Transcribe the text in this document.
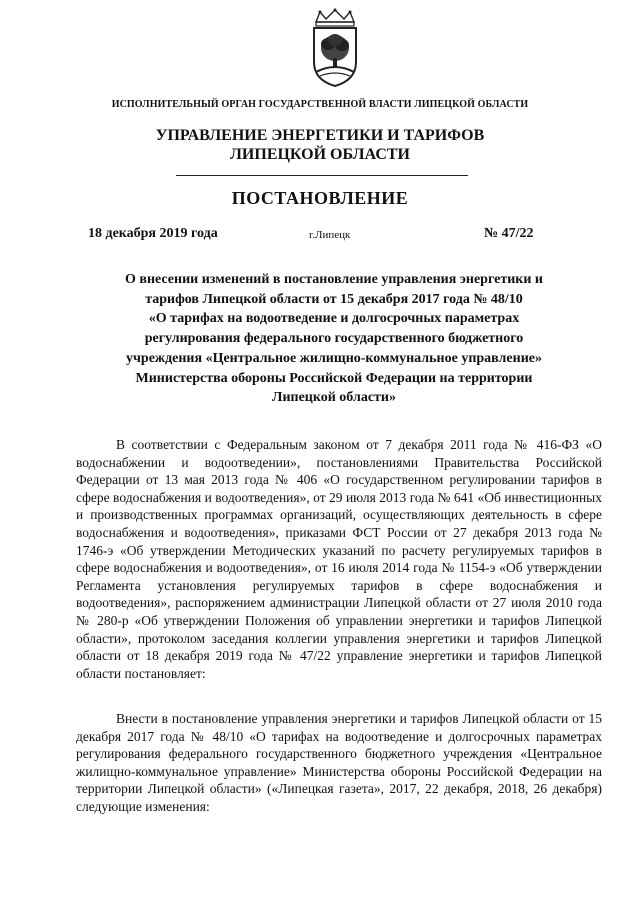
ИСПОЛНИТЕЛЬНЫЙ ОРГАН ГОСУДАРСТВЕННОЙ ВЛАСТИ ЛИПЕЦКОЙ ОБЛАСТИ
УПРАВЛЕНИЕ ЭНЕРГЕТИКИ И ТАРИФОВ
ЛИПЕЦКОЙ ОБЛАСТИ
ПОСТАНОВЛЕНИЕ
18 декабря 2019 года	г.Липецк	№ 47/22
О внесении изменений в постановление управления энергетики и
тарифов Липецкой области от 15 декабря 2017 года № 48/10
«О тарифах на водоотведение и долгосрочных параметрах
регулирования федерального государственного бюджетного
учреждения «Центральное жилищно-коммунальное управление»
Министерства обороны Российской Федерации на территории
Липецкой области»

В соответствии с Федеральным законом от 7 декабря 2011 года № 416-ФЗ «О водоснабжении и водоотведении», постановлениями Правительства Российской Федерации от 13 мая 2013 года № 406 «О государственном регулировании тарифов в сфере водоснабжения и водоотведения», от 29 июля 2013 года № 641 «Об инвестиционных и производственных программах организаций, осуществляющих деятельность в сфере водоснабжения и водоотведения», приказами ФСТ России от 27 декабря 2013 года № 1746-э «Об утверждении Методических указаний по расчету регулируемых тарифов в сфере водоснабжения и водоотведения», от 16 июля 2014 года № 1154-э «Об утверждении Регламента установления регулируемых тарифов в сфере водоснабжения и водоотведения», распоряжением администрации Липецкой области от 27 июля 2010 года № 280-р «Об утверждении Положения об управлении энергетики и тарифов Липецкой области», протоколом заседания коллегии управления энергетики и тарифов Липецкой области от 18 декабря 2019 года № 47/22 управление энергетики и тарифов Липецкой области постановляет:

Внести в постановление управления энергетики и тарифов Липецкой области от 15 декабря 2017 года № 48/10 «О тарифах на водоотведение и долгосрочных параметрах регулирования федерального государственного бюджетного учреждения «Центральное жилищно-коммунальное управление» Министерства обороны Российской Федерации на территории Липецкой области» («Липецкая газета», 2017, 22 декабря, 2018, 26 декабря) следующие изменения:
